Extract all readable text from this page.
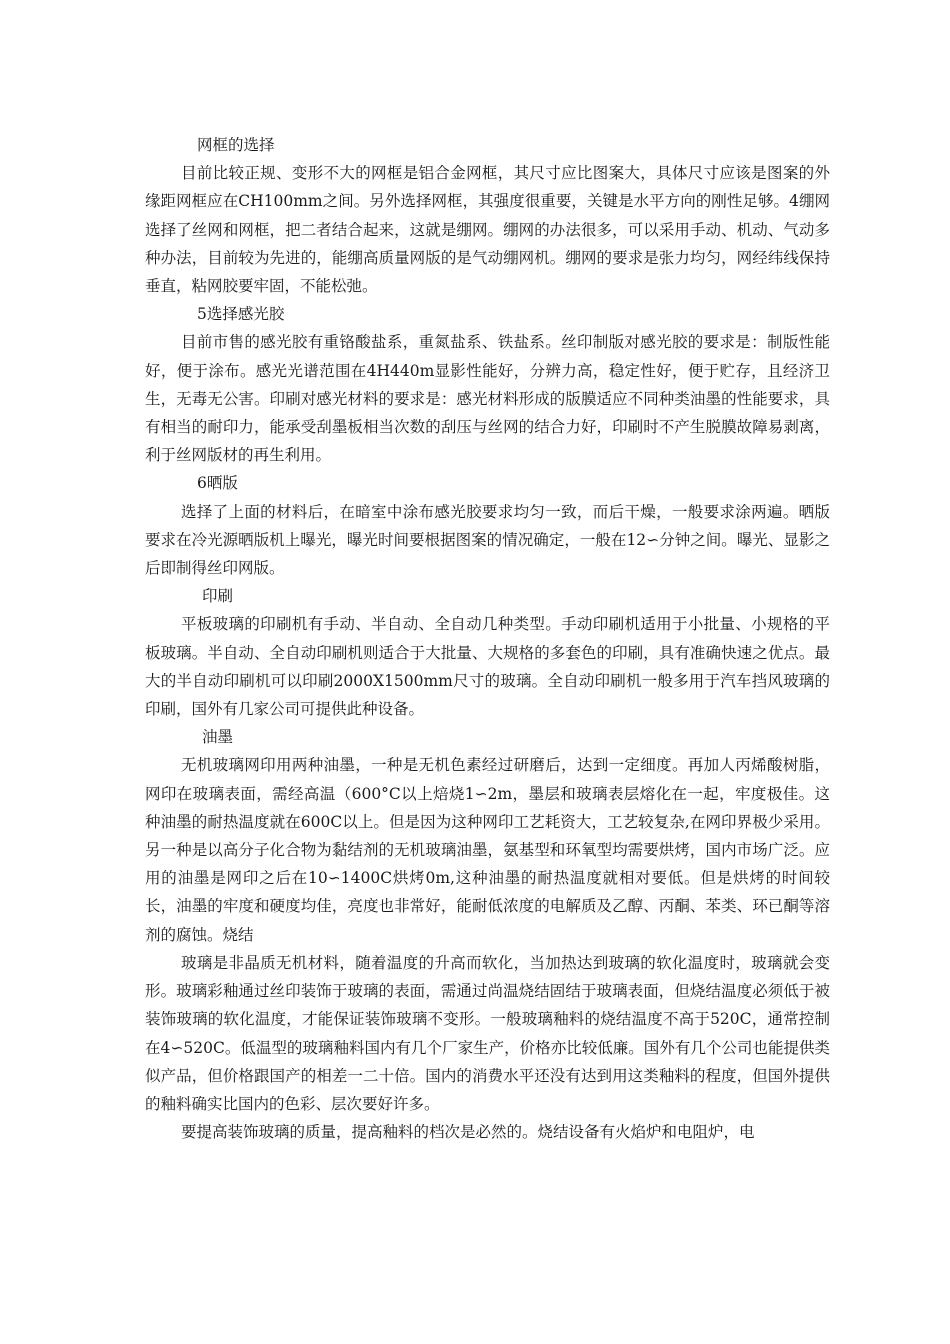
网框的选择

目前比较正规、变形不大的网框是铝合金网框，其尺寸应比图案大，具体尺寸应该是图案的外缘距网框应在CH100mm之间。另外选择网框，其强度很重要，关键是水平方向的刚性足够。4绷网选择了丝网和网框，把二者结合起来，这就是绷网。绷网的办法很多，可以采用手动、机动、气动多种办法，目前较为先进的，能绷高质量网版的是气动绷网机。绷网的要求是张力均匀，网经纬线保持垂直，粘网胶要牢固，不能松弛。

5选择感光胶

目前市售的感光胶有重铬酸盐系，重氮盐系、铁盐系。丝印制版对感光胶的要求是：制版性能好，便于涂布。感光光谱范围在4H440m显影性能好，分辨力高，稳定性好，便于贮存，且经济卫生，无毒无公害。印刷对感光材料的要求是：感光材料形成的版膜适应不同种类油墨的性能要求，具有相当的耐印力，能承受刮墨板相当次数的刮压与丝网的结合力好，印刷时不产生脱膜故障易剥离，利于丝网版材的再生利用。

6晒版

选择了上面的材料后，在暗室中涂布感光胶要求均匀一致，而后干燥，一般要求涂两遍。晒版要求在冷光源晒版机上曝光，曝光时间要根据图案的情况确定，一般在12∽分钟之间。曝光、显影之后即制得丝印网版。

印刷

平板玻璃的印刷机有手动、半自动、全自动几种类型。手动印刷机适用于小批量、小规格的平板玻璃。半自动、全自动印刷机则适合于大批量、大规格的多套色的印刷，具有准确快速之优点。最大的半自动印刷机可以印刷2000X1500mm尺寸的玻璃。全自动印刷机一般多用于汽车挡风玻璃的印刷，国外有几家公司可提供此种设备。

油墨

无机玻璃网印用两种油墨，一种是无机色素经过研磨后，达到一定细度。再加人丙烯酸树脂，网印在玻璃表面，需经高温（600°C以上焙烧1∽2m，墨层和玻璃表层熔化在一起，牢度极佳。这种油墨的耐热温度就在600C以上。但是因为这种网印工艺耗资大，工艺较复杂,在网印界极少采用。另一种是以高分子化合物为黏结剂的无机玻璃油墨，氨基型和环氧型均需要烘烤，国内市场广泛。应用的油墨是网印之后在10∽1400C烘烤0m,这种油墨的耐热温度就相对要低。但是烘烤的时间较长，油墨的牢度和硬度均佳，亮度也非常好，能耐低浓度的电解质及乙醇、丙酮、苯类、环已酮等溶剂的腐蚀。烧结

玻璃是非晶质无机材料，随着温度的升高而软化，当加热达到玻璃的软化温度时，玻璃就会变形。玻璃彩釉通过丝印装饰于玻璃的表面，需通过尚温烧结固结于玻璃表面，但烧结温度必须低于被装饰玻璃的软化温度，才能保证装饰玻璃不变形。一般玻璃釉料的烧结温度不高于520C，通常控制在4∽520C。低温型的玻璃釉料国内有几个厂家生产，价格亦比较低廉。国外有几个公司也能提供类似产品，但价格跟国产的相差一二十倍。国内的消费水平还没有达到用这类釉料的程度，但国外提供的釉料确实比国内的色彩、层次要好许多。

要提高装饰玻璃的质量，提高釉料的档次是必然的。烧结设备有火焰炉和电阻炉，电
